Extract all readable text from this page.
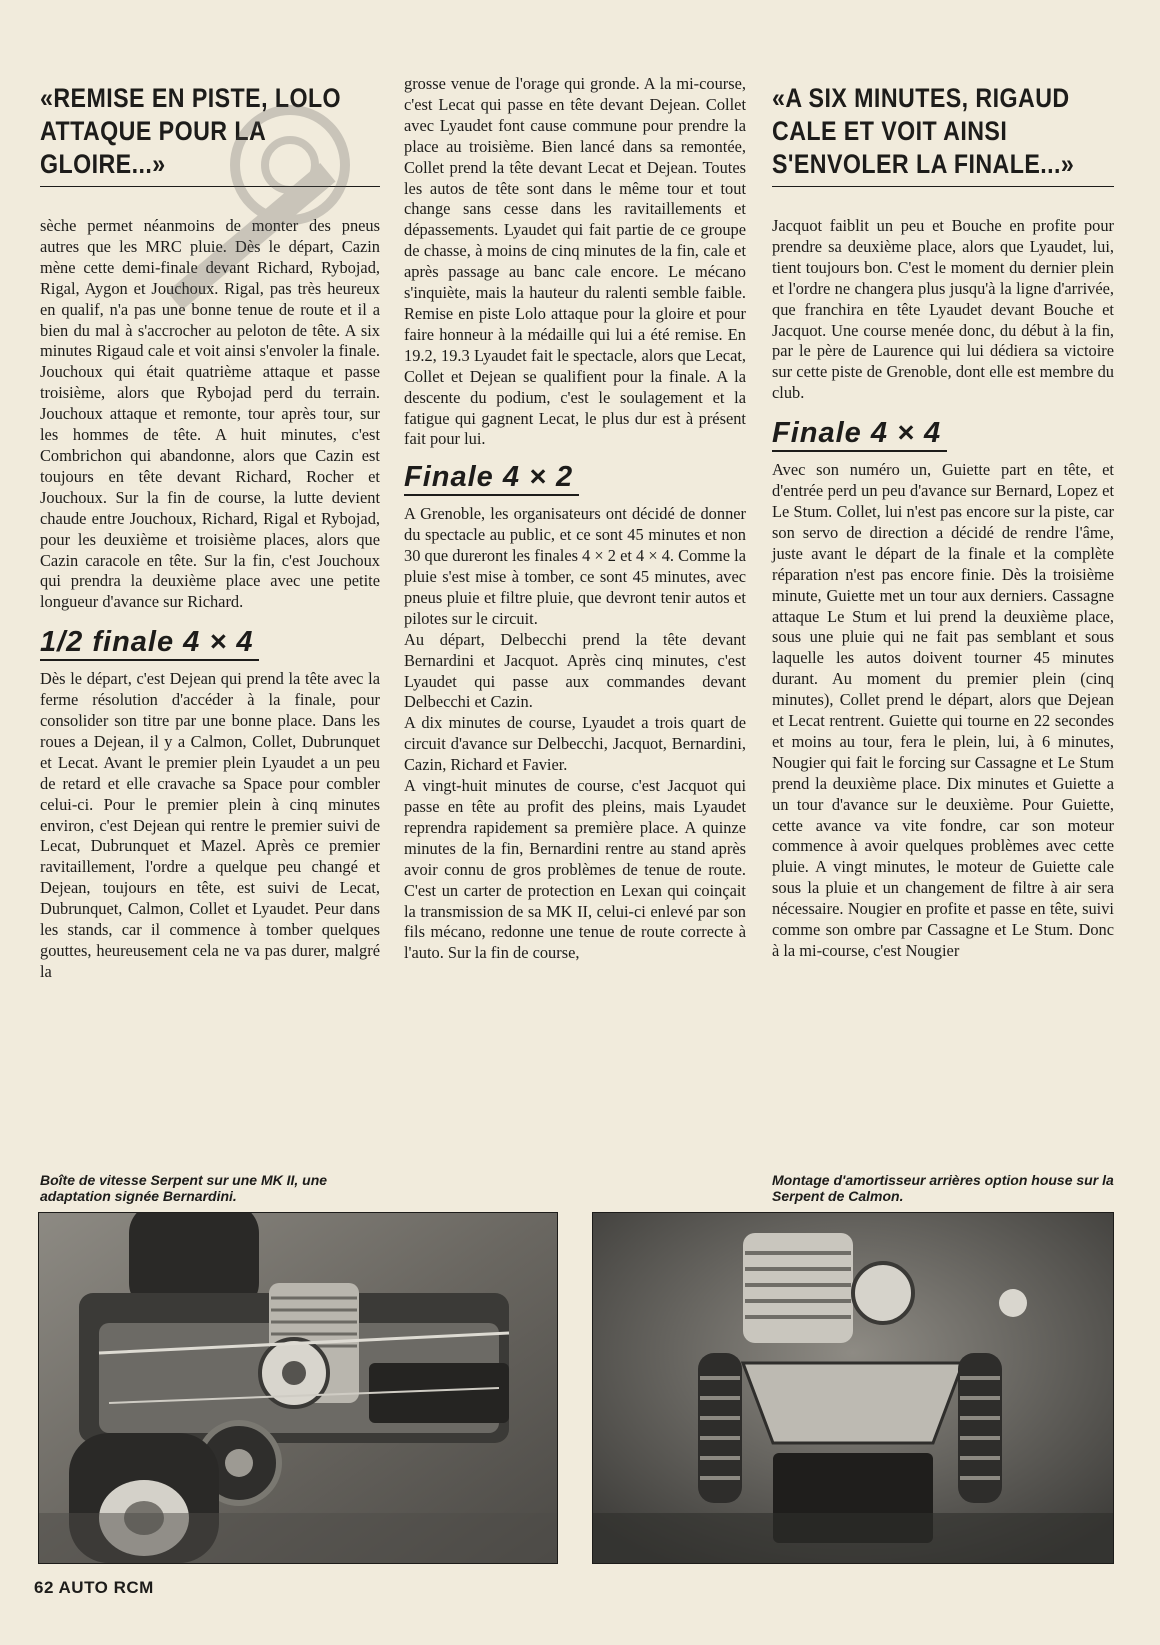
«REMISE EN PISTE, LOLO ATTAQUE POUR LA GLOIRE...»

sèche permet néanmoins de monter des pneus autres que les MRC pluie. Dès le départ, Cazin mène cette demi-finale devant Richard, Rybojad, Rigal, Aygon et Jouchoux. Rigal, pas très heureux en qualif, n'a pas une bonne tenue de route et il a bien du mal à s'accrocher au peloton de tête. A six minutes Rigaud cale et voit ainsi s'envoler la finale. Jouchoux qui était quatrième attaque et passe troisième, alors que Rybojad perd du terrain. Jouchoux attaque et remonte, tour après tour, sur les hommes de tête. A huit minutes, c'est Combrichon qui abandonne, alors que Cazin est toujours en tête devant Richard, Rocher et Jouchoux. Sur la fin de course, la lutte devient chaude entre Jouchoux, Richard, Rigal et Rybojad, pour les deuxième et troisième places, alors que Cazin caracole en tête. Sur la fin, c'est Jouchoux qui prendra la deuxième place avec une petite longueur d'avance sur Richard.

1/2 finale 4 × 4

Dès le départ, c'est Dejean qui prend la tête avec la ferme résolution d'accéder à la finale, pour consolider son titre par une bonne place. Dans les roues a Dejean, il y a Calmon, Collet, Dubrunquet et Lecat. Avant le premier plein Lyaudet a un peu de retard et elle cravache sa Space pour combler celui-ci. Pour le premier plein à cinq minutes environ, c'est Dejean qui rentre le premier suivi de Lecat, Dubrunquet et Mazel. Après ce premier ravitaillement, l'ordre a quelque peu changé et Dejean, toujours en tête, est suivi de Lecat, Dubrunquet, Calmon, Collet et Lyaudet. Peur dans les stands, car il commence à tomber quelques gouttes, heureusement cela ne va pas durer, malgré la

grosse venue de l'orage qui gronde. A la mi-course, c'est Lecat qui passe en tête devant Dejean. Collet avec Lyaudet font cause commune pour prendre la place au troisième. Bien lancé dans sa remontée, Collet prend la tête devant Lecat et Dejean. Toutes les autos de tête sont dans le même tour et tout change sans cesse dans les ravitaillements et dépassements. Lyaudet qui fait partie de ce groupe de chasse, à moins de cinq minutes de la fin, cale et après passage au banc cale encore. Le mécano s'inquiète, mais la hauteur du ralenti semble faible. Remise en piste Lolo attaque pour la gloire et pour faire honneur à la médaille qui lui a été remise. En 19.2, 19.3 Lyaudet fait le spectacle, alors que Lecat, Collet et Dejean se qualifient pour la finale. A la descente du podium, c'est le soulagement et la fatigue qui gagnent Lecat, le plus dur est à présent fait pour lui.

Finale 4 × 2

A Grenoble, les organisateurs ont décidé de donner du spectacle au public, et ce sont 45 minutes et non 30 que dureront les finales 4 × 2 et 4 × 4. Comme la pluie s'est mise à tomber, ce sont 45 minutes, avec pneus pluie et filtre pluie, que devront tenir autos et pilotes sur le circuit.

Au départ, Delbecchi prend la tête devant Bernardini et Jacquot. Après cinq minutes, c'est Lyaudet qui passe aux commandes devant Delbecchi et Cazin.

A dix minutes de course, Lyaudet a trois quart de circuit d'avance sur Delbecchi, Jacquot, Bernardini, Cazin, Richard et Favier.

A vingt-huit minutes de course, c'est Jacquot qui passe en tête au profit des pleins, mais Lyaudet reprendra rapidement sa première place. A quinze minutes de la fin, Bernardini rentre au stand après avoir connu de gros problèmes de tenue de route. C'est un carter de protection en Lexan qui coinçait la transmission de sa MK II, celui-ci enlevé par son fils mécano, redonne une tenue de route correcte à l'auto. Sur la fin de course,

«A SIX MINUTES, RIGAUD CALE ET VOIT AINSI S'ENVOLER LA FINALE...»

Jacquot faiblit un peu et Bouche en profite pour prendre sa deuxième place, alors que Lyaudet, lui, tient toujours bon. C'est le moment du dernier plein et l'ordre ne changera plus jusqu'à la ligne d'arrivée, que franchira en tête Lyaudet devant Bouche et Jacquot. Une course menée donc, du début à la fin, par le père de Laurence qui lui dédiera sa victoire sur cette piste de Grenoble, dont elle est membre du club.

Finale 4 × 4

Avec son numéro un, Guiette part en tête, et d'entrée perd un peu d'avance sur Bernard, Lopez et Le Stum. Collet, lui n'est pas encore sur la piste, car son servo de direction a décidé de rendre l'âme, juste avant le départ de la finale et la complète réparation n'est pas encore finie. Dès la troisième minute, Guiette met un tour aux derniers. Cassagne attaque Le Stum et lui prend la deuxième place, sous une pluie qui ne fait pas semblant et sous laquelle les autos doivent tourner 45 minutes durant. Au moment du premier plein (cinq minutes), Collet prend le départ, alors que Dejean et Lecat rentrent. Guiette qui tourne en 22 secondes et moins au tour, fera le plein, lui, à 6 minutes, Nougier qui fait le forcing sur Cassagne et Le Stum prend la deuxième place. Dix minutes et Guiette a un tour d'avance sur le deuxième. Pour Guiette, cette avance va vite fondre, car son moteur commence à avoir quelques problèmes avec cette pluie. A vingt minutes, le moteur de Guiette cale sous la pluie et un changement de filtre à air sera nécessaire. Nougier en profite et passe en tête, suivi comme son ombre par Cassagne et Le Stum. Donc à la mi-course, c'est Nougier

Boîte de vitesse Serpent sur une MK II, une adaptation signée Bernardini.

Montage d'amortisseur arrières option house sur la Serpent de Calmon.

62 AUTO RCM
